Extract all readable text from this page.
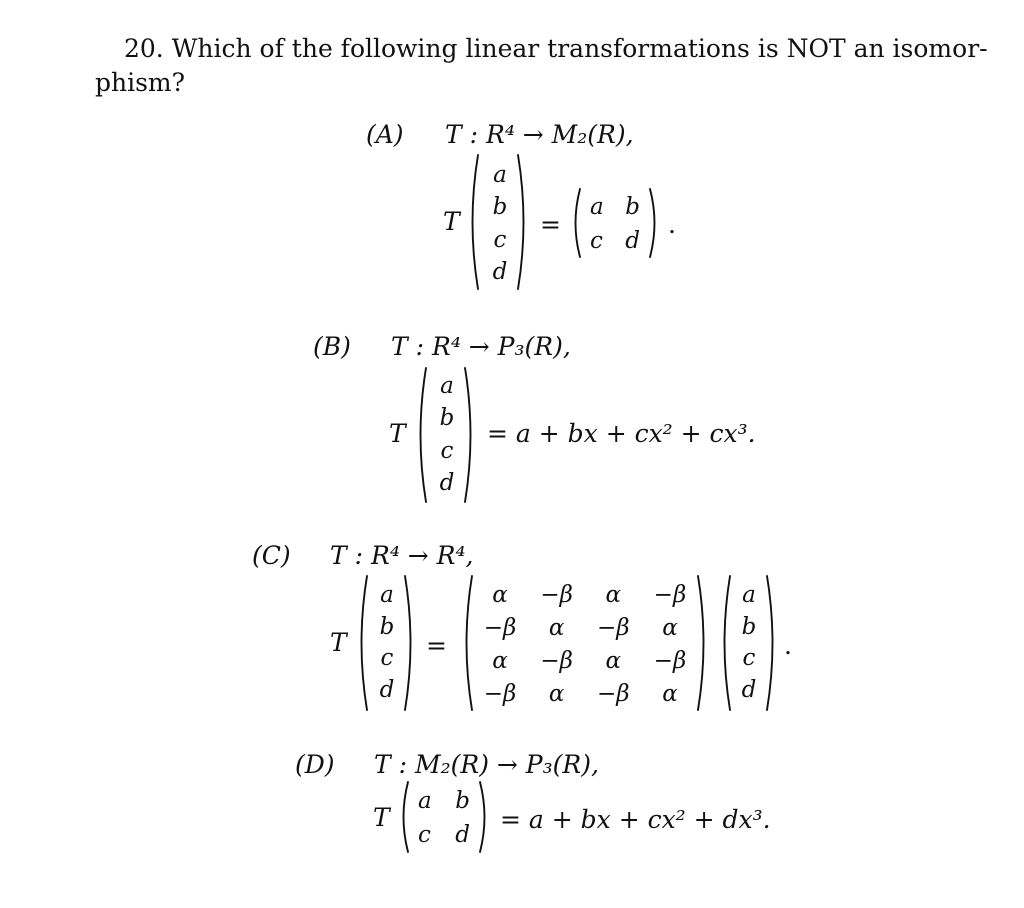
20. Which of the following linear transformations is NOT an isomor-
phism?
(A) T : R⁴ → M₂(R),
T
a
b
c
d
=
a b
c d
.
(B) T : R⁴ → P₃(R),
T
a
b
c
d
= a + bx + cx² + cx³.
(C) T : R⁴ → R⁴,
T
a
b
c
d
=
α	−β	α	−β
−β	α	−β	α
α	−β	α	−β
−β	α	−β	α
a
b
c
d
.
(D) T : M₂(R) → P₃(R),
T
a b
c d
= a + bx + cx² + dx³.
